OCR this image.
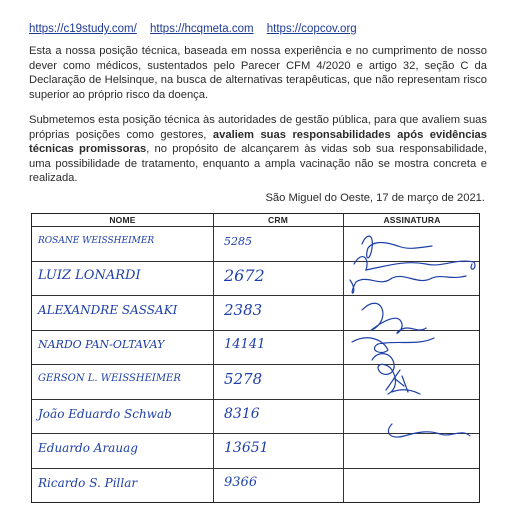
https://c19study.com/ https://hcqmeta.com https://copcov.org

Esta a nossa posição técnica, baseada em nossa experiência e no cumprimento de nosso dever como médicos, sustentados pelo Parecer CFM 4/2020 e artigo 32, seção C da Declaração de Helsinque, na busca de alternativas terapêuticas, que não representam risco superior ao próprio risco da doença.

Submetemos esta posição técnica às autoridades de gestão pública, para que avaliem suas próprias posições como gestores, avaliem suas responsabilidades após evidências técnicas promissoras, no propósito de alcançarem às vidas sob sua responsabilidade, uma possibilidade de tratamento, enquanto a ampla vacinação não se mostra concreta e realizada.

São Miguel do Oeste, 17 de março de 2021.
NOME	CRM	ASSINATURA
ROSANE WEISSHEIMER	5285
LUIZ LONARDI	2672
ALEXANDRE SASSAKI	2383
NARDO PAN-OLTAVAY	14141
GERSON L. WEISSHEIMER	5278
João Eduardo Schwab	8316
Eduardo Arauag	13651
Ricardo S. Pillar	9366
